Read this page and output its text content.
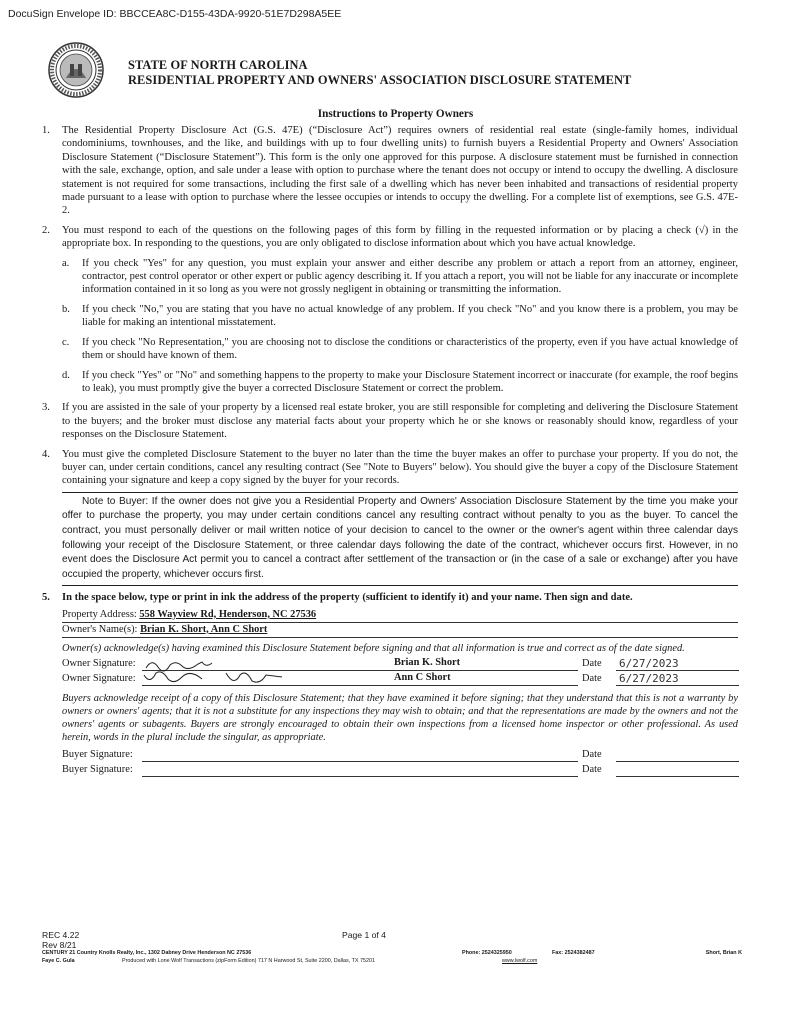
DocuSign Envelope ID: BBCCEA8C-D155-43DA-9920-51E7D298A5EE
STATE OF NORTH CAROLINA
RESIDENTIAL PROPERTY AND OWNERS' ASSOCIATION DISCLOSURE STATEMENT
Instructions to Property Owners
1.	The Residential Property Disclosure Act (G.S. 47E) (“Disclosure Act”) requires owners of residential real estate (single-family homes, individual condominiums, townhouses, and the like, and buildings with up to four dwelling units) to furnish buyers a Residential Property and Owners' Association Disclosure Statement (“Disclosure Statement”). This form is the only one approved for this purpose. A disclosure statement must be furnished in connection with the sale, exchange, option, and sale under a lease with option to purchase where the tenant does not occupy or intend to occupy the dwelling. A disclosure statement is not required for some transactions, including the first sale of a dwelling which has never been inhabited and transactions of residential property made pursuant to a lease with option to purchase where the lessee occupies or intends to occupy the dwelling. For a complete list of exemptions, see G.S. 47E-2.
2.	You must respond to each of the questions on the following pages of this form by filling in the requested information or by placing a check (√) in the appropriate box. In responding to the questions, you are only obligated to disclose information about which you have actual knowledge.
a.	If you check "Yes" for any question, you must explain your answer and either describe any problem or attach a report from an attorney, engineer, contractor, pest control operator or other expert or public agency describing it. If you attach a report, you will not be liable for any inaccurate or incomplete information contained in it so long as you were not grossly negligent in obtaining or transmitting the information.
b.	If you check "No," you are stating that you have no actual knowledge of any problem. If you check "No" and you know there is a problem, you may be liable for making an intentional misstatement.
c.	If you check "No Representation," you are choosing not to disclose the conditions or characteristics of the property, even if you have actual knowledge of them or should have known of them.
d.	If you check "Yes" or "No" and something happens to the property to make your Disclosure Statement incorrect or inaccurate (for example, the roof begins to leak), you must promptly give the buyer a corrected Disclosure Statement or correct the problem.
3.	If you are assisted in the sale of your property by a licensed real estate broker, you are still responsible for completing and delivering the Disclosure Statement to the buyers; and the broker must disclose any material facts about your property which he or she knows or reasonably should know, regardless of your responses on the Disclosure Statement.
4.	You must give the completed Disclosure Statement to the buyer no later than the time the buyer makes an offer to purchase your property. If you do not, the buyer can, under certain conditions, cancel any resulting contract (See "Note to Buyers" below). You should give the buyer a copy of the Disclosure Statement containing your signature and keep a copy signed by the buyer for your records.
Note to Buyer: If the owner does not give you a Residential Property and Owners' Association Disclosure Statement by the time you make your offer to purchase the property, you may under certain conditions cancel any resulting contract without penalty to you as the buyer. To cancel the contract, you must personally deliver or mail written notice of your decision to cancel to the owner or the owner's agent within three calendar days following your receipt of the Disclosure Statement, or three calendar days following the date of the contract, whichever occurs first. However, in no event does the Disclosure Act permit you to cancel a contract after settlement of the transaction or (in the case of a sale or exchange) after you have occupied the property, whichever occurs first.
5.	In the space below, type or print in ink the address of the property (sufficient to identify it) and your name. Then sign and date.
Property Address: 558 Wayview Rd, Henderson, NC 27536
Owner's Name(s): Brian K. Short, Ann C Short
Owner(s) acknowledge(s) having examined this Disclosure Statement before signing and that all information is true and correct as of the date signed.
Owner Signature:	Brian K. Short	Date	6/27/2023
Owner Signature:	Ann C Short	Date	6/27/2023
Buyers acknowledge receipt of a copy of this Disclosure Statement; that they have examined it before signing; that they understand that this is not a warranty by owners or owners' agents; that it is not a substitute for any inspections they may wish to obtain; and that the representations are made by the owners and not the owners' agents or subagents. Buyers are strongly encouraged to obtain their own inspections from a licensed home inspector or other professional. As used herein, words in the plural include the singular, as appropriate.
Buyer Signature:	Date
Buyer Signature:	Date
REC 4.22	Page 1 of 4
Rev 8/21
CENTURY 21 Country Knolls Realty, Inc., 1302 Dabney Drive Henderson NC 27536	Phone: 2524325950	Fax: 2524382487	Short, Brian K
Faye C. Gula	Produced with Lone Wolf Transactions (zipForm Edition) 717 N Harwood St, Suite 2200, Dallas, TX 75201	www.lwolf.com
